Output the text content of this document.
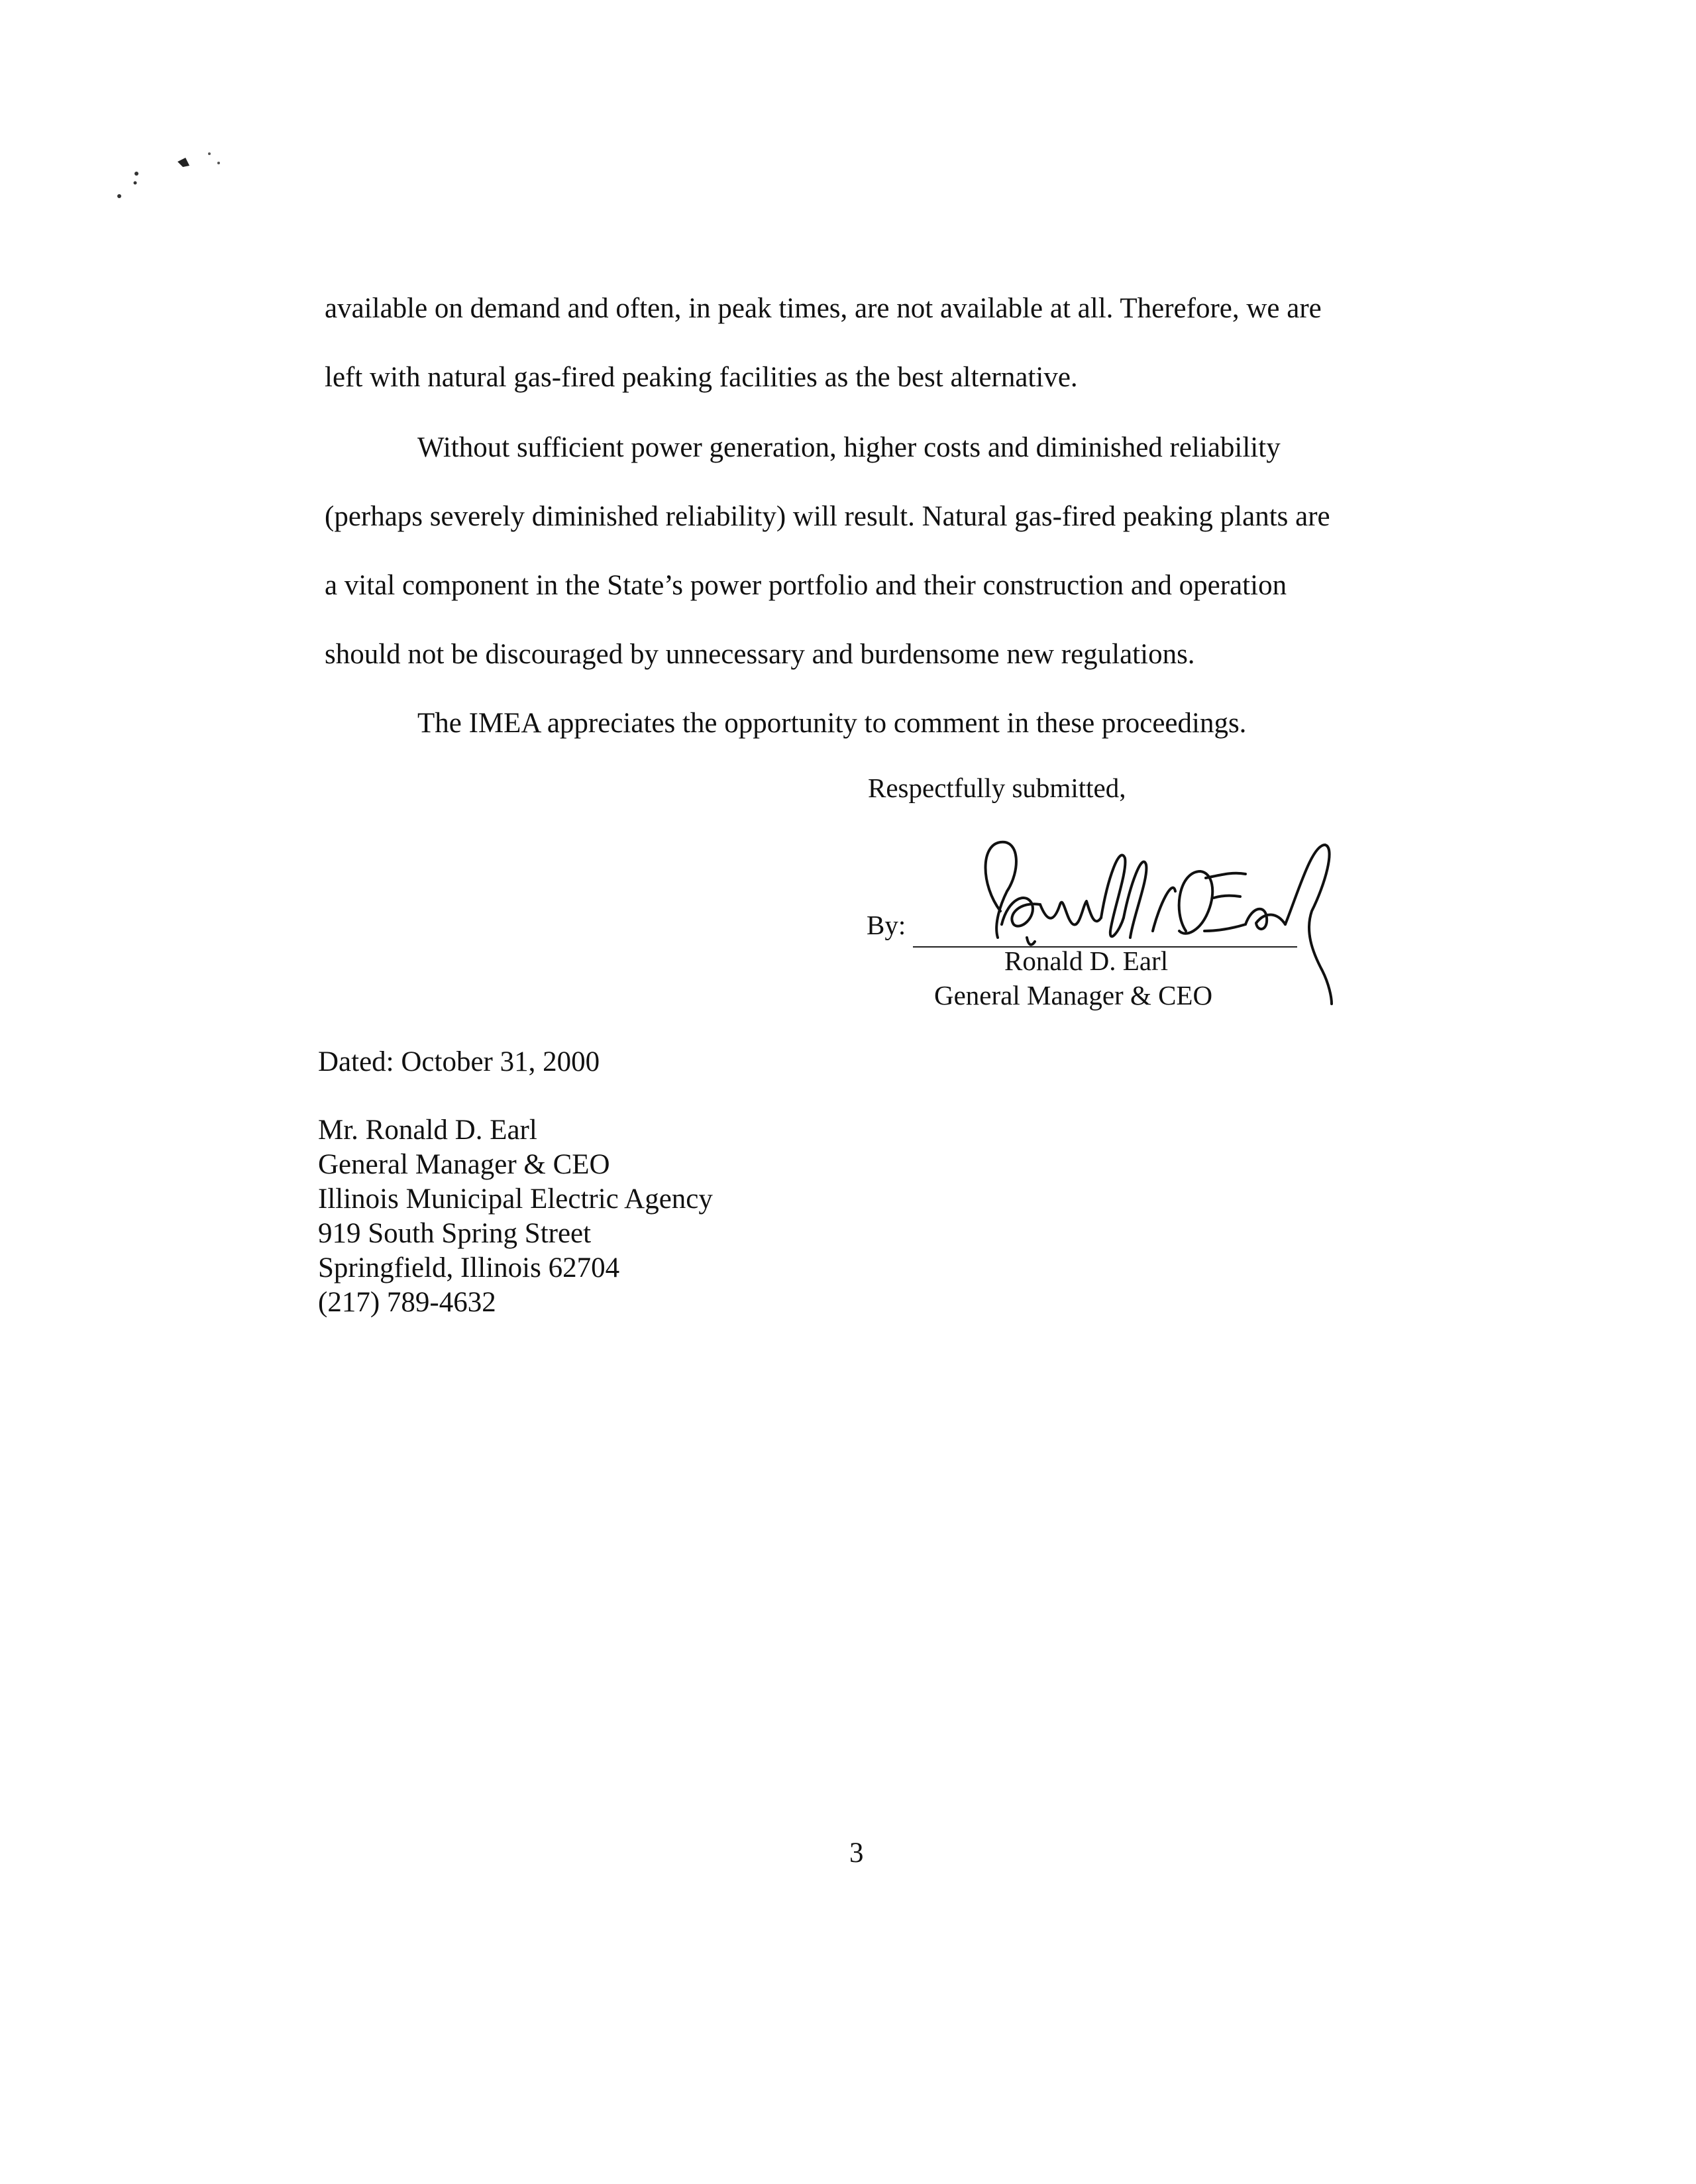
available on demand and often, in peak times, are not available at all. Therefore, we are
left with natural gas-fired peaking facilities as the best alternative.
Without sufficient power generation, higher costs and diminished reliability
(perhaps severely diminished reliability) will result. Natural gas-fired peaking plants are
a vital component in the State’s power portfolio and their construction and operation
should not be discouraged by unnecessary and burdensome new regulations.
The IMEA appreciates the opportunity to comment in these proceedings.
Respectfully submitted,
By:
Ronald D. Earl
General Manager & CEO
Dated: October 31, 2000
Mr. Ronald D. Earl
General Manager & CEO
Illinois Municipal Electric Agency
919 South Spring Street
Springfield, Illinois 62704
(217) 789-4632
3
